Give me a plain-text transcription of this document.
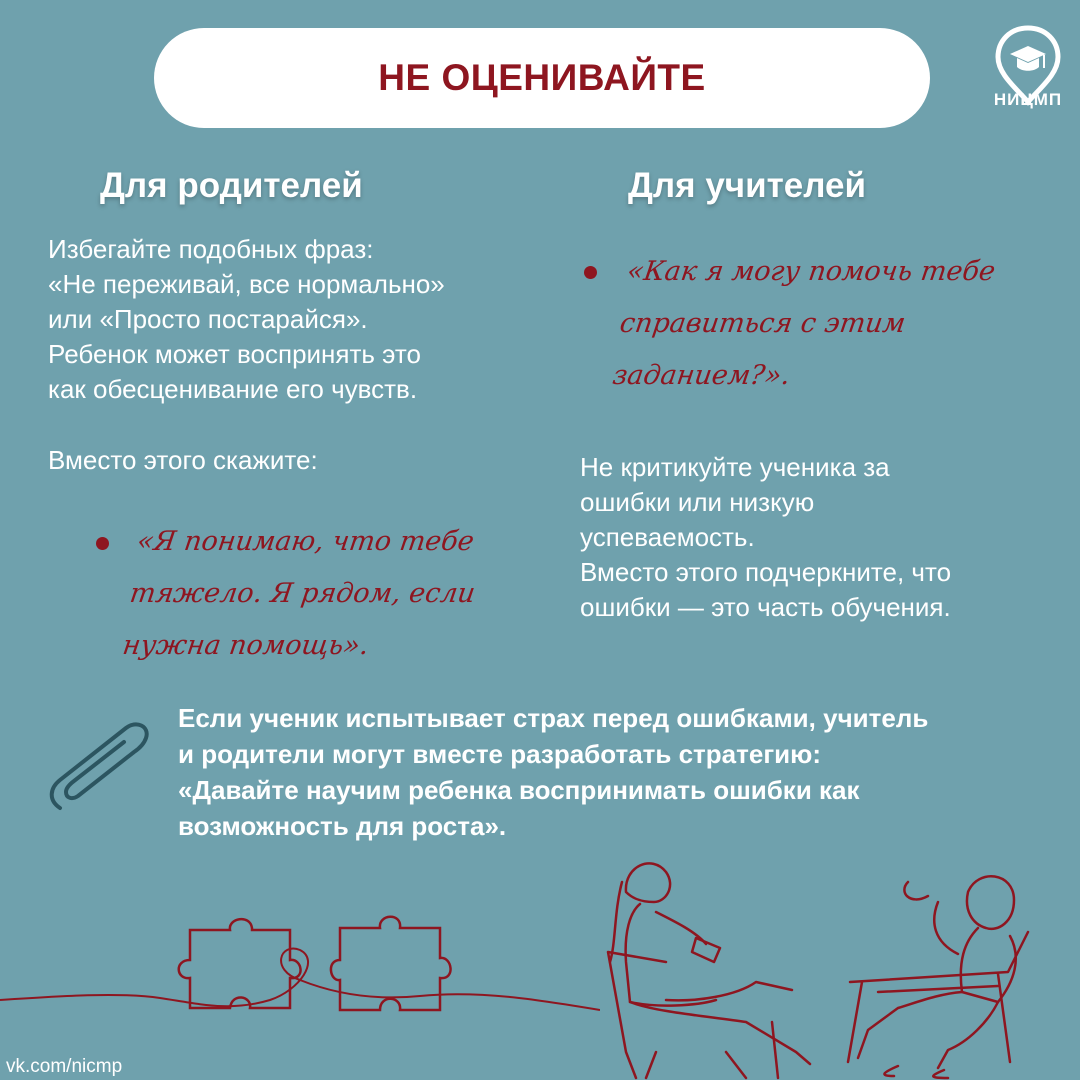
НЕ ОЦЕНИВАЙТЕ
НИЦМП
Для родителей

Избегайте подобных фраз:
«Не переживай, все нормально»
или «Просто постарайся».
Ребенок может воспринять это
как обесценивание его чувств.

Вместо этого скажите:
«Я понимаю, что тебе
тяжело. Я рядом, если
нужна помощь».
Для учителей
«Как я могу помочь тебе
справиться с этим
заданием?».

Не критикуйте ученика за
ошибки или низкую
успеваемость.
Вместо этого подчеркните, что
ошибки — это часть обучения.

Если ученик испытывает страх перед ошибками, учитель
и родители могут вместе разработать стратегию:
«Давайте научим ребенка воспринимать ошибки как
возможность для роста».
vk.com/nicmp
